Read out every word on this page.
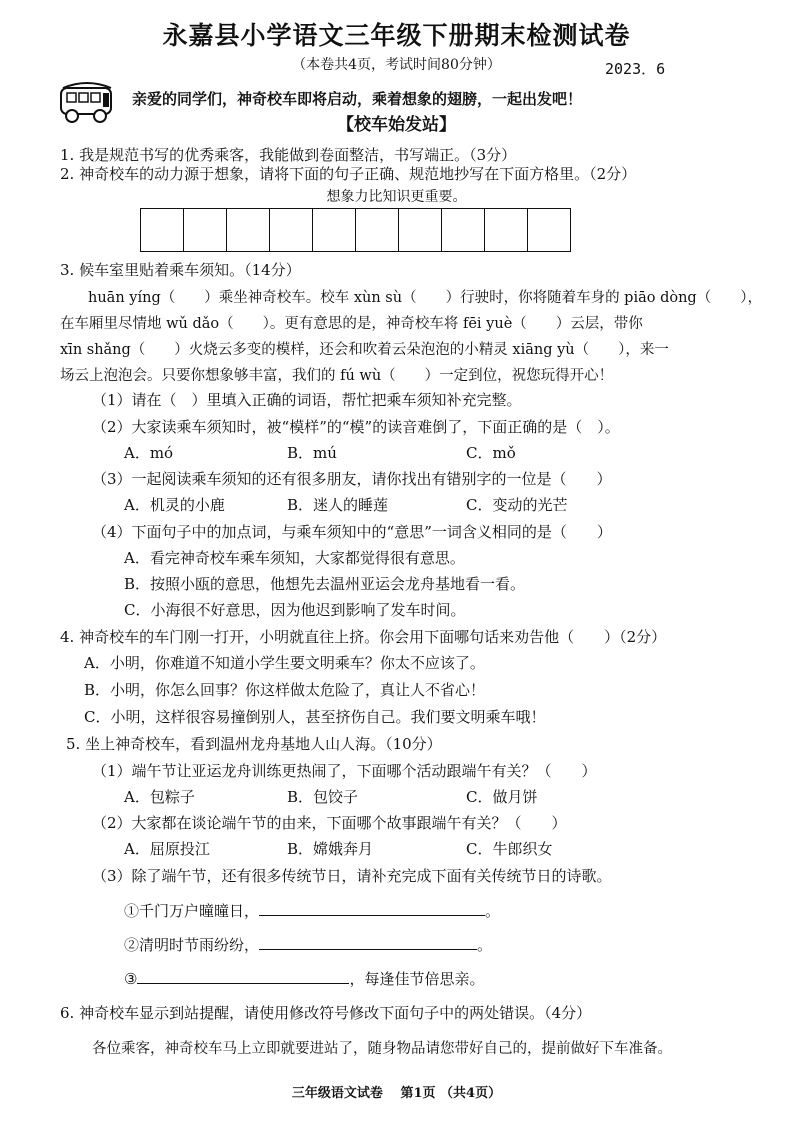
永嘉县小学语文三年级下册期末检测试卷
（本卷共4页，考试时间80分钟）	2023．6
亲爱的同学们，神奇校车即将启动，乘着想象的翅膀，一起出发吧！
【校车始发站】
1. 我是规范书写的优秀乘客，我能做到卷面整洁，书写端正。（3分）
2. 神奇校车的动力源于想象，请将下面的句子正确、规范地抄写在下面方格里。（2分）
想象力比知识更重要。
3. 候车室里贴着乘车须知。（14分）
huān yíng（　　）乘坐神奇校车。校车 xùn sù（　　）行驶时，你将随着车身的 piāo dòng（　　），
在车厢里尽情地 wǔ dǎo（　　）。更有意思的是，神奇校车将 fēi yuè（　　）云层，带你
xīn shǎng（　　）火烧云多变的模样，还会和吹着云朵泡泡的小精灵 xiāng yù（　　），来一
场云上泡泡会。只要你想象够丰富，我们的 fú wù（　　）一定到位，祝您玩得开心！
（1）请在（　）里填入正确的词语，帮忙把乘车须知补充完整。
（2）大家读乘车须知时，被“模样”的“模”的读音难倒了，下面正确的是（　）。
A．mó	B．mú	C．mǒ
（3）一起阅读乘车须知的还有很多朋友，请你找出有错别字的一位是（　　）
A．机灵的小鹿	B．迷人的睡莲	C．变动的光芒
（4）下面句子中的加点词，与乘车须知中的“意思”一词含义相同的是（　　）
A．看完神奇校车乘车须知，大家都觉得很有意思。
B．按照小瓯的意思，他想先去温州亚运会龙舟基地看一看。
C．小海很不好意思，因为他迟到影响了发车时间。
4. 神奇校车的车门刚一打开，小明就直往上挤。你会用下面哪句话来劝告他（　　）（2分）
A．小明，你难道不知道小学生要文明乘车？你太不应该了。
B．小明，你怎么回事？你这样做太危险了，真让人不省心！
C．小明，这样很容易撞倒别人，甚至挤伤自己。我们要文明乘车哦！
5. 坐上神奇校车，看到温州龙舟基地人山人海。（10分）
（1）端午节让亚运龙舟训练更热闹了，下面哪个活动跟端午有关？（　　）
A．包粽子	B．包饺子	C．做月饼
（2）大家都在谈论端午节的由来，下面哪个故事跟端午有关？（　　）
A．屈原投江	B．嫦娥奔月	C．牛郎织女
（3）除了端午节，还有很多传统节日，请补充完成下面有关传统节日的诗歌。
①千门万户曈曈日，	。
②清明时节雨纷纷，	。
③	，每逢佳节倍思亲。
6. 神奇校车显示到站提醒，请使用修改符号修改下面句子中的两处错误。（4分）
各位乘客，神奇校车马上立即就要进站了，随身物品请您带好自己的，提前做好下车准备。
三年级语文试卷　 第1页 （共4页）
